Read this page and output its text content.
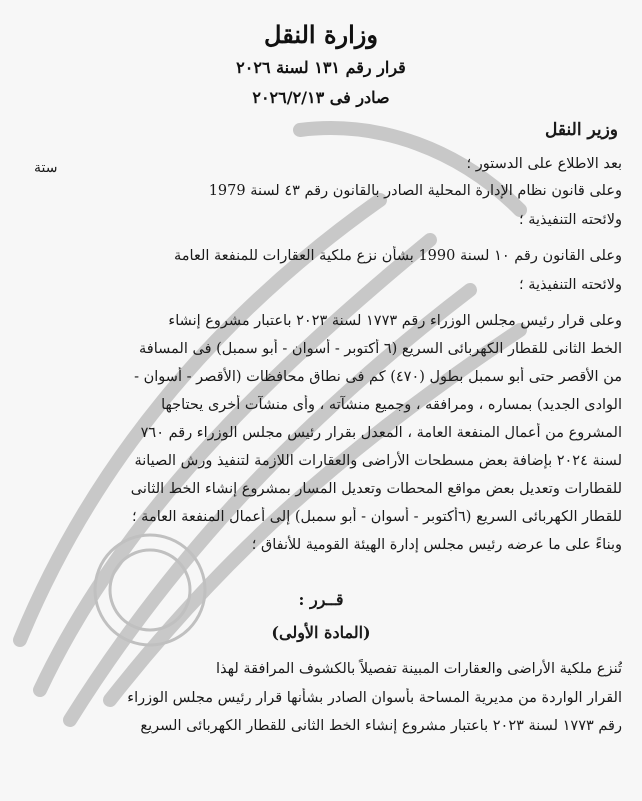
وزارة النقل
قرار رقم ١٣١ لسنة ٢٠٢٦
صادر فى ٢٠٢٦/٢/١٣
وزير النقل
بعد الاطلاع على الدستور ؛
وعلى قانون نظام الإدارة المحلية الصادر بالقانون رقم ٤٣ لسنة 1979
ولائحته التنفيذية ؛
وعلى القانون رقم ١٠ لسنة 1990 بشأن نزع ملكية العقارات للمنفعة العامة
ولائحته التنفيذية ؛
وعلى قرار رئيس مجلس الوزراء رقم ١٧٧٣ لسنة ٢٠٢٣ باعتبار مشروع إنشاء
الخط الثانى للقطار الكهربائى السريع (٦ أكتوبر - أسوان - أبو سمبل) فى المسافة
من الأقصر حتى أبو سمبل بطول (٤٧٠) كم فى نطاق محافظات (الأقصر - أسوان -
الوادى الجديد) بمساره ، ومرافقه ، وجميع منشآته ، وأى منشآت أخرى يحتاجها
المشروع من أعمال المنفعة العامة ، المعدل بقرار رئيس مجلس الوزراء رقم ٧٦٠
لسنة ٢٠٢٤ بإضافة بعض مسطحات الأراضى والعقارات اللازمة لتنفيذ ورش الصيانة
للقطارات وتعديل بعض مواقع المحطات وتعديل المسار بمشروع إنشاء الخط الثانى
للقطار الكهربائى السريع (٦أكتوبر - أسوان - أبو سمبل) إلى أعمال المنفعة العامة ؛
وبناءً على ما عرضه رئيس مجلس إدارة الهيئة القومية للأنفاق ؛
قــرر :
(المادة الأولى)
تُنزع ملكية الأراضى والعقارات المبينة تفصيلاً بالكشوف المرافقة لهذا
القرار الواردة من مديرية المساحة بأسوان الصادر بشأنها قرار رئيس مجلس الوزراء
رقم ١٧٧٣ لسنة ٢٠٢٣ باعتبار مشروع إنشاء الخط الثانى للقطار الكهربائى السريع
ﺳﺘﺔ
